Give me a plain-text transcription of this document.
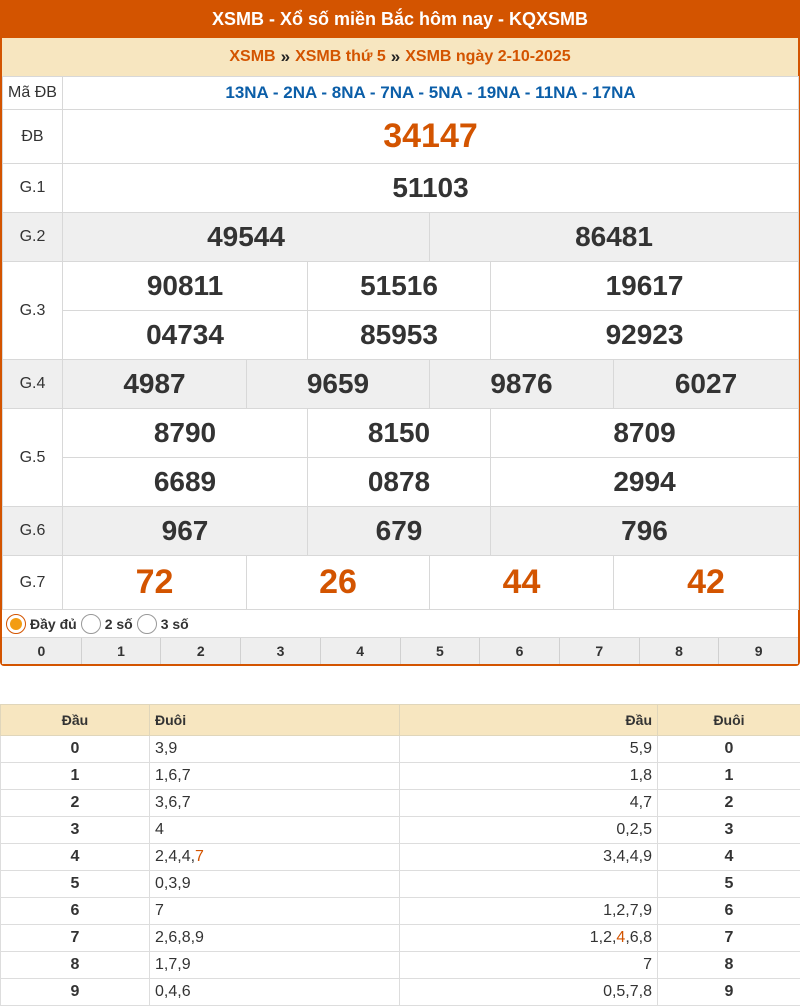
XSMB - Xổ số miền Bắc hôm nay - KQXSMB
XSMB » XSMB thứ 5 » XSMB ngày 2-10-2025
Mã ĐB	13NA - 2NA - 8NA - 7NA - 5NA - 19NA - 11NA - 17NA					
ĐB	34147					
G.1	51103					
G.2	49544			86481		
G.3	90811		51516		19617	
	04734		85953		92923	
G.4	4987	9659		9876		6027
G.5	8790		8150		8709	
	6689		0878		2994	
G.6	967		679		796	
G.7	72	26		44		42
Đầy đủ 2 số 3 số
0	1	2	3	4	5	6	7	8	9
Đầu	Đuôi	Đầu	Đuôi
0	3,9	5,9	0
1	1,6,7	1,8	1
2	3,6,7	4,7	2
3	4	0,2,5	3
4	2,4,4,7	3,4,4,9	4
5	0,3,9		5
6	7	1,2,7,9	6
7	2,6,8,9	1,2,4,6,8	7
8	1,7,9	7	8
9	0,4,6	0,5,7,8	9
